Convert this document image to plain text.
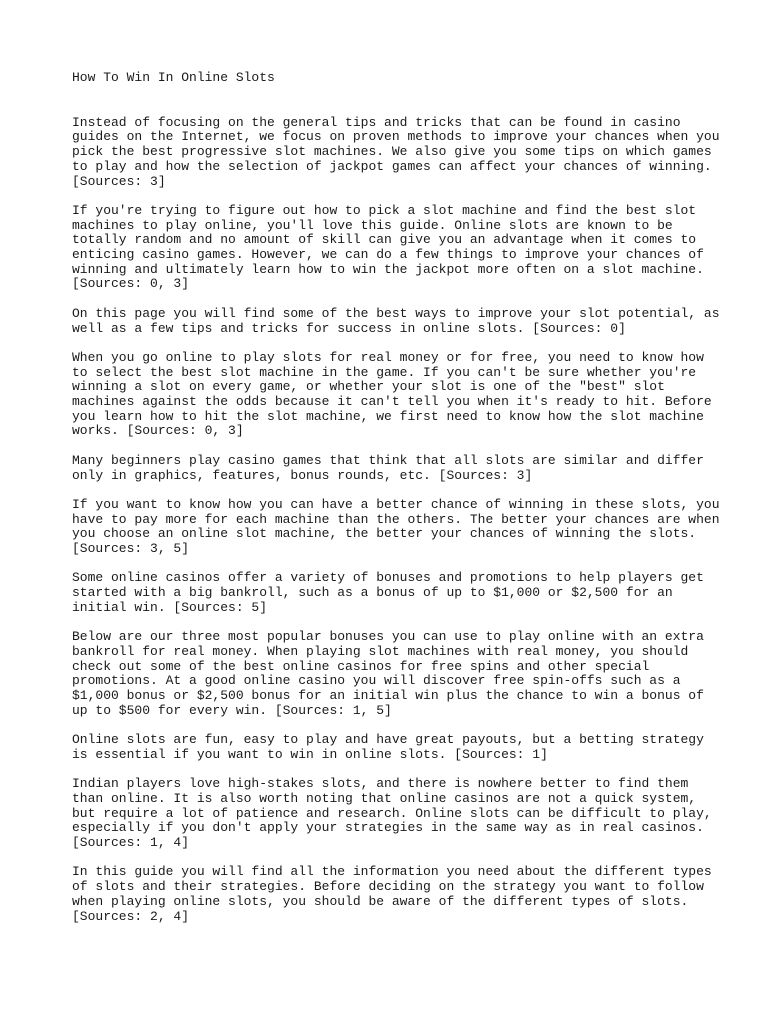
How To Win In Online Slots

Instead of focusing on the general tips and tricks that can be found in casino
guides on the Internet, we focus on proven methods to improve your chances when you
pick the best progressive slot machines. We also give you some tips on which games
to play and how the selection of jackpot games can affect your chances of winning.
[Sources: 3]

If you're trying to figure out how to pick a slot machine and find the best slot
machines to play online, you'll love this guide. Online slots are known to be
totally random and no amount of skill can give you an advantage when it comes to
enticing casino games. However, we can do a few things to improve your chances of
winning and ultimately learn how to win the jackpot more often on a slot machine.
[Sources: 0, 3]

On this page you will find some of the best ways to improve your slot potential, as
well as a few tips and tricks for success in online slots. [Sources: 0]

When you go online to play slots for real money or for free, you need to know how
to select the best slot machine in the game. If you can't be sure whether you're
winning a slot on every game, or whether your slot is one of the "best" slot
machines against the odds because it can't tell you when it's ready to hit. Before
you learn how to hit the slot machine, we first need to know how the slot machine
works. [Sources: 0, 3]

Many beginners play casino games that think that all slots are similar and differ
only in graphics, features, bonus rounds, etc. [Sources: 3]

If you want to know how you can have a better chance of winning in these slots, you
have to pay more for each machine than the others. The better your chances are when
you choose an online slot machine, the better your chances of winning the slots.
[Sources: 3, 5]

Some online casinos offer a variety of bonuses and promotions to help players get
started with a big bankroll, such as a bonus of up to $1,000 or $2,500 for an
initial win. [Sources: 5]

Below are our three most popular bonuses you can use to play online with an extra
bankroll for real money. When playing slot machines with real money, you should
check out some of the best online casinos for free spins and other special
promotions. At a good online casino you will discover free spin-offs such as a
$1,000 bonus or $2,500 bonus for an initial win plus the chance to win a bonus of
up to $500 for every win. [Sources: 1, 5]

Online slots are fun, easy to play and have great payouts, but a betting strategy
is essential if you want to win in online slots. [Sources: 1]

Indian players love high-stakes slots, and there is nowhere better to find them
than online. It is also worth noting that online casinos are not a quick system,
but require a lot of patience and research. Online slots can be difficult to play,
especially if you don't apply your strategies in the same way as in real casinos.
[Sources: 1, 4]

In this guide you will find all the information you need about the different types
of slots and their strategies. Before deciding on the strategy you want to follow
when playing online slots, you should be aware of the different types of slots.
[Sources: 2, 4]
